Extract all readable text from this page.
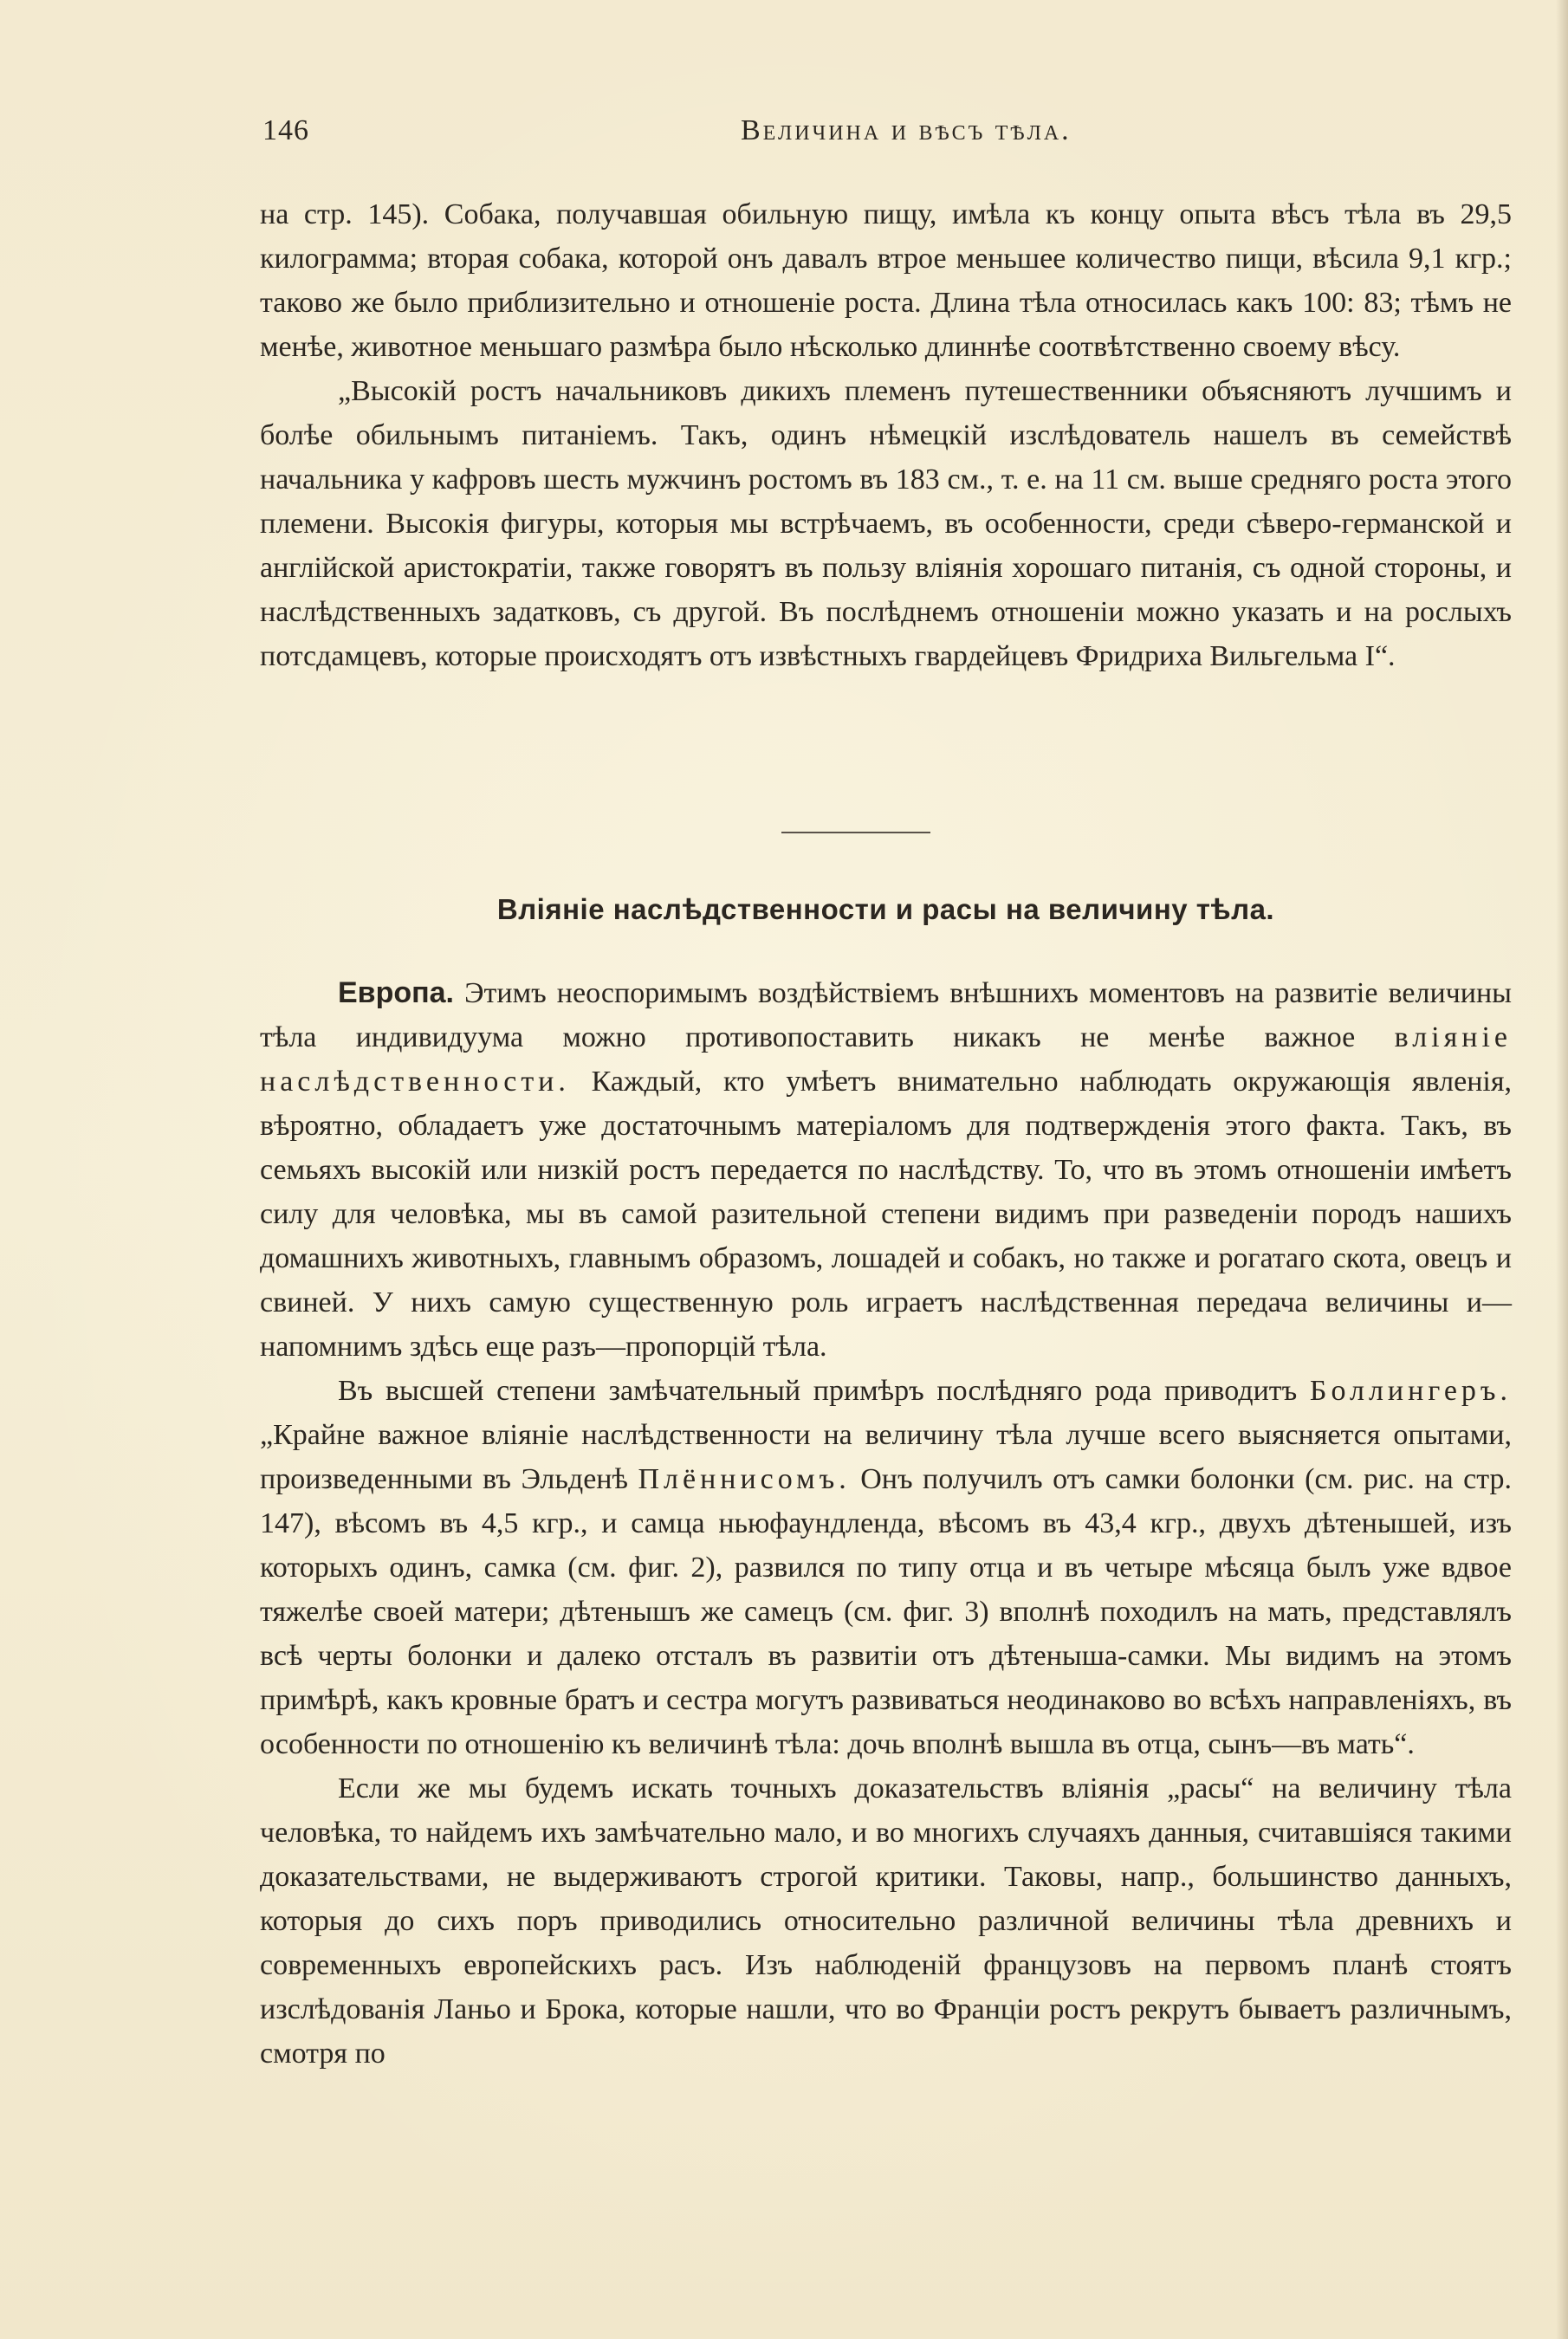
146	Величина и вѣсъ тѣла.

на стр. 145). Собака, получавшая обильную пищу, имѣла къ концу опыта вѣсъ тѣла въ 29,5 килограмма; вторая собака, которой онъ давалъ втрое меньшее количество пищи, вѣсила 9,1 кгр.; таково же было приблизительно и отношеніе роста. Длина тѣла относилась какъ 100: 83; тѣмъ не менѣе, животное меньшаго размѣра было нѣсколько длиннѣе соотвѣтственно своему вѣсу.

„Высокій ростъ начальниковъ дикихъ племенъ путешественники объясняютъ лучшимъ и болѣе обильнымъ питаніемъ. Такъ, одинъ нѣмецкій изслѣдователь нашелъ въ семействѣ начальника у кафровъ шесть мужчинъ ростомъ въ 183 см., т. е. на 11 см. выше средняго роста этого племени. Высокія фигуры, которыя мы встрѣчаемъ, въ особенности, среди сѣверо-германской и англійской аристократіи, также говорятъ въ пользу вліянія хорошаго питанія, съ одной стороны, и наслѣдственныхъ задатковъ, съ другой. Въ послѣднемъ отношеніи можно указать и на рослыхъ потсдамцевъ, которые происходятъ отъ извѣстныхъ гвардейцевъ Фридриха Вильгельма I“.

Вліяніе наслѣдственности и расы на величину тѣла.

Европа. Этимъ неоспоримымъ воздѣйствіемъ внѣшнихъ моментовъ на развитіе величины тѣла индивидуума можно противопоставить никакъ не менѣе важное вліяніе наслѣдственности. Каждый, кто умѣетъ внимательно наблюдать окружающія явленія, вѣроятно, обладаетъ уже достаточнымъ матеріаломъ для подтвержденія этого факта. Такъ, въ семьяхъ высокій или низкій ростъ передается по наслѣдству. То, что въ этомъ отношеніи имѣетъ силу для человѣка, мы въ самой разительной степени видимъ при разведеніи породъ нашихъ домашнихъ животныхъ, главнымъ образомъ, лошадей и собакъ, но также и рогатаго скота, овецъ и свиней. У нихъ самую существенную роль играетъ наслѣдственная передача величины и—напомнимъ здѣсь еще разъ—пропорцій тѣла.

Въ высшей степени замѣчательный примѣръ послѣдняго рода приводитъ Боллингеръ. „Крайне важное вліяніе наслѣдственности на величину тѣла лучше всего выясняется опытами, произведенными въ Эльденѣ Плённисомъ. Онъ получилъ отъ самки болонки (см. рис. на стр. 147), вѣсомъ въ 4,5 кгр., и самца ньюфаундленда, вѣсомъ въ 43,4 кгр., двухъ дѣтенышей, изъ которыхъ одинъ, самка (см. фиг. 2), развился по типу отца и въ четыре мѣсяца былъ уже вдвое тяжелѣе своей матери; дѣтенышъ же самецъ (см. фиг. 3) вполнѣ походилъ на мать, представлялъ всѣ черты болонки и далеко отсталъ въ развитіи отъ дѣтеныша-самки. Мы видимъ на этомъ примѣрѣ, какъ кровные братъ и сестра могутъ развиваться неодинаково во всѣхъ направленіяхъ, въ особенности по отношенію къ величинѣ тѣла: дочь вполнѣ вышла въ отца, сынъ—въ мать“.

Если же мы будемъ искать точныхъ доказательствъ вліянія „расы“ на величину тѣла человѣка, то найдемъ ихъ замѣчательно мало, и во многихъ случаяхъ данныя, считавшіяся такими доказательствами, не выдерживаютъ строгой критики. Таковы, напр., большинство данныхъ, которыя до сихъ поръ приводились относительно различной величины тѣла древнихъ и современныхъ европейскихъ расъ. Изъ наблюденій французовъ на первомъ планѣ стоятъ изслѣдованія Ланьо и Брока, которые нашли, что во Франціи ростъ рекрутъ бываетъ различнымъ, смотря по
